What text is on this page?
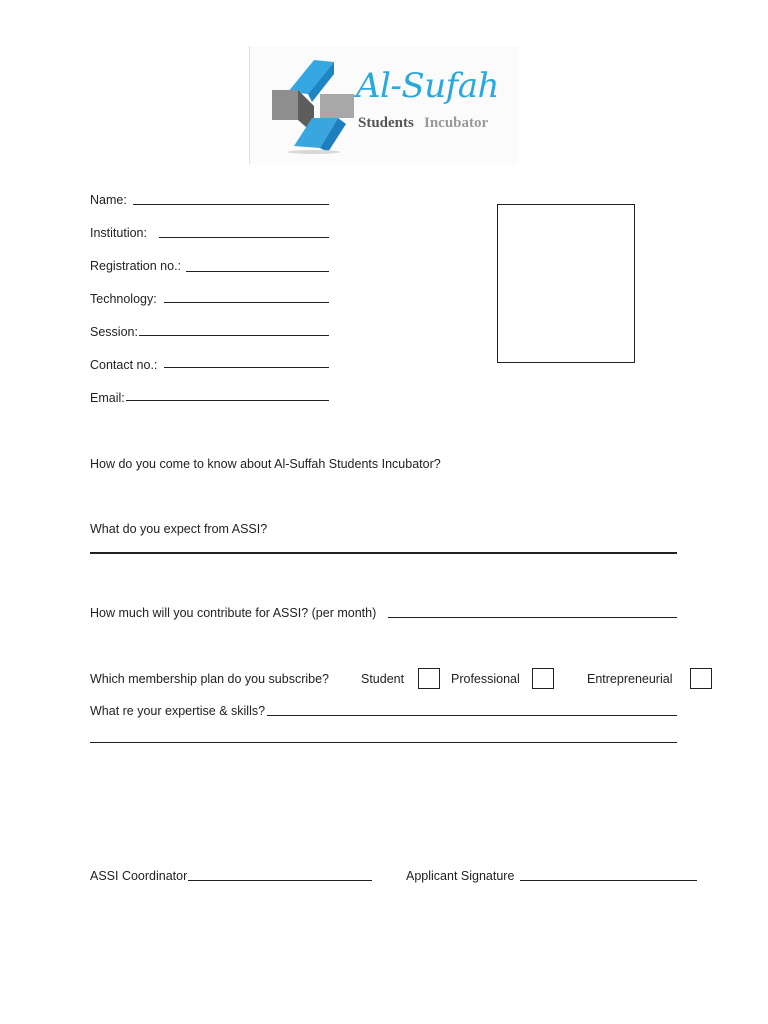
Al-Sufah
Students Incubator
Name:
Institution:
Registration no.:
Technology:
Session:
Contact no.:
Email:
How do you come to know about Al-Suffah Students Incubator?
What do you expect from ASSI?
How much will you contribute for ASSI? (per month)
Which membership plan do you subscribe?	Student	Professional	Entrepreneurial
What re your expertise & skills?
ASSI Coordinator	Applicant Signature
